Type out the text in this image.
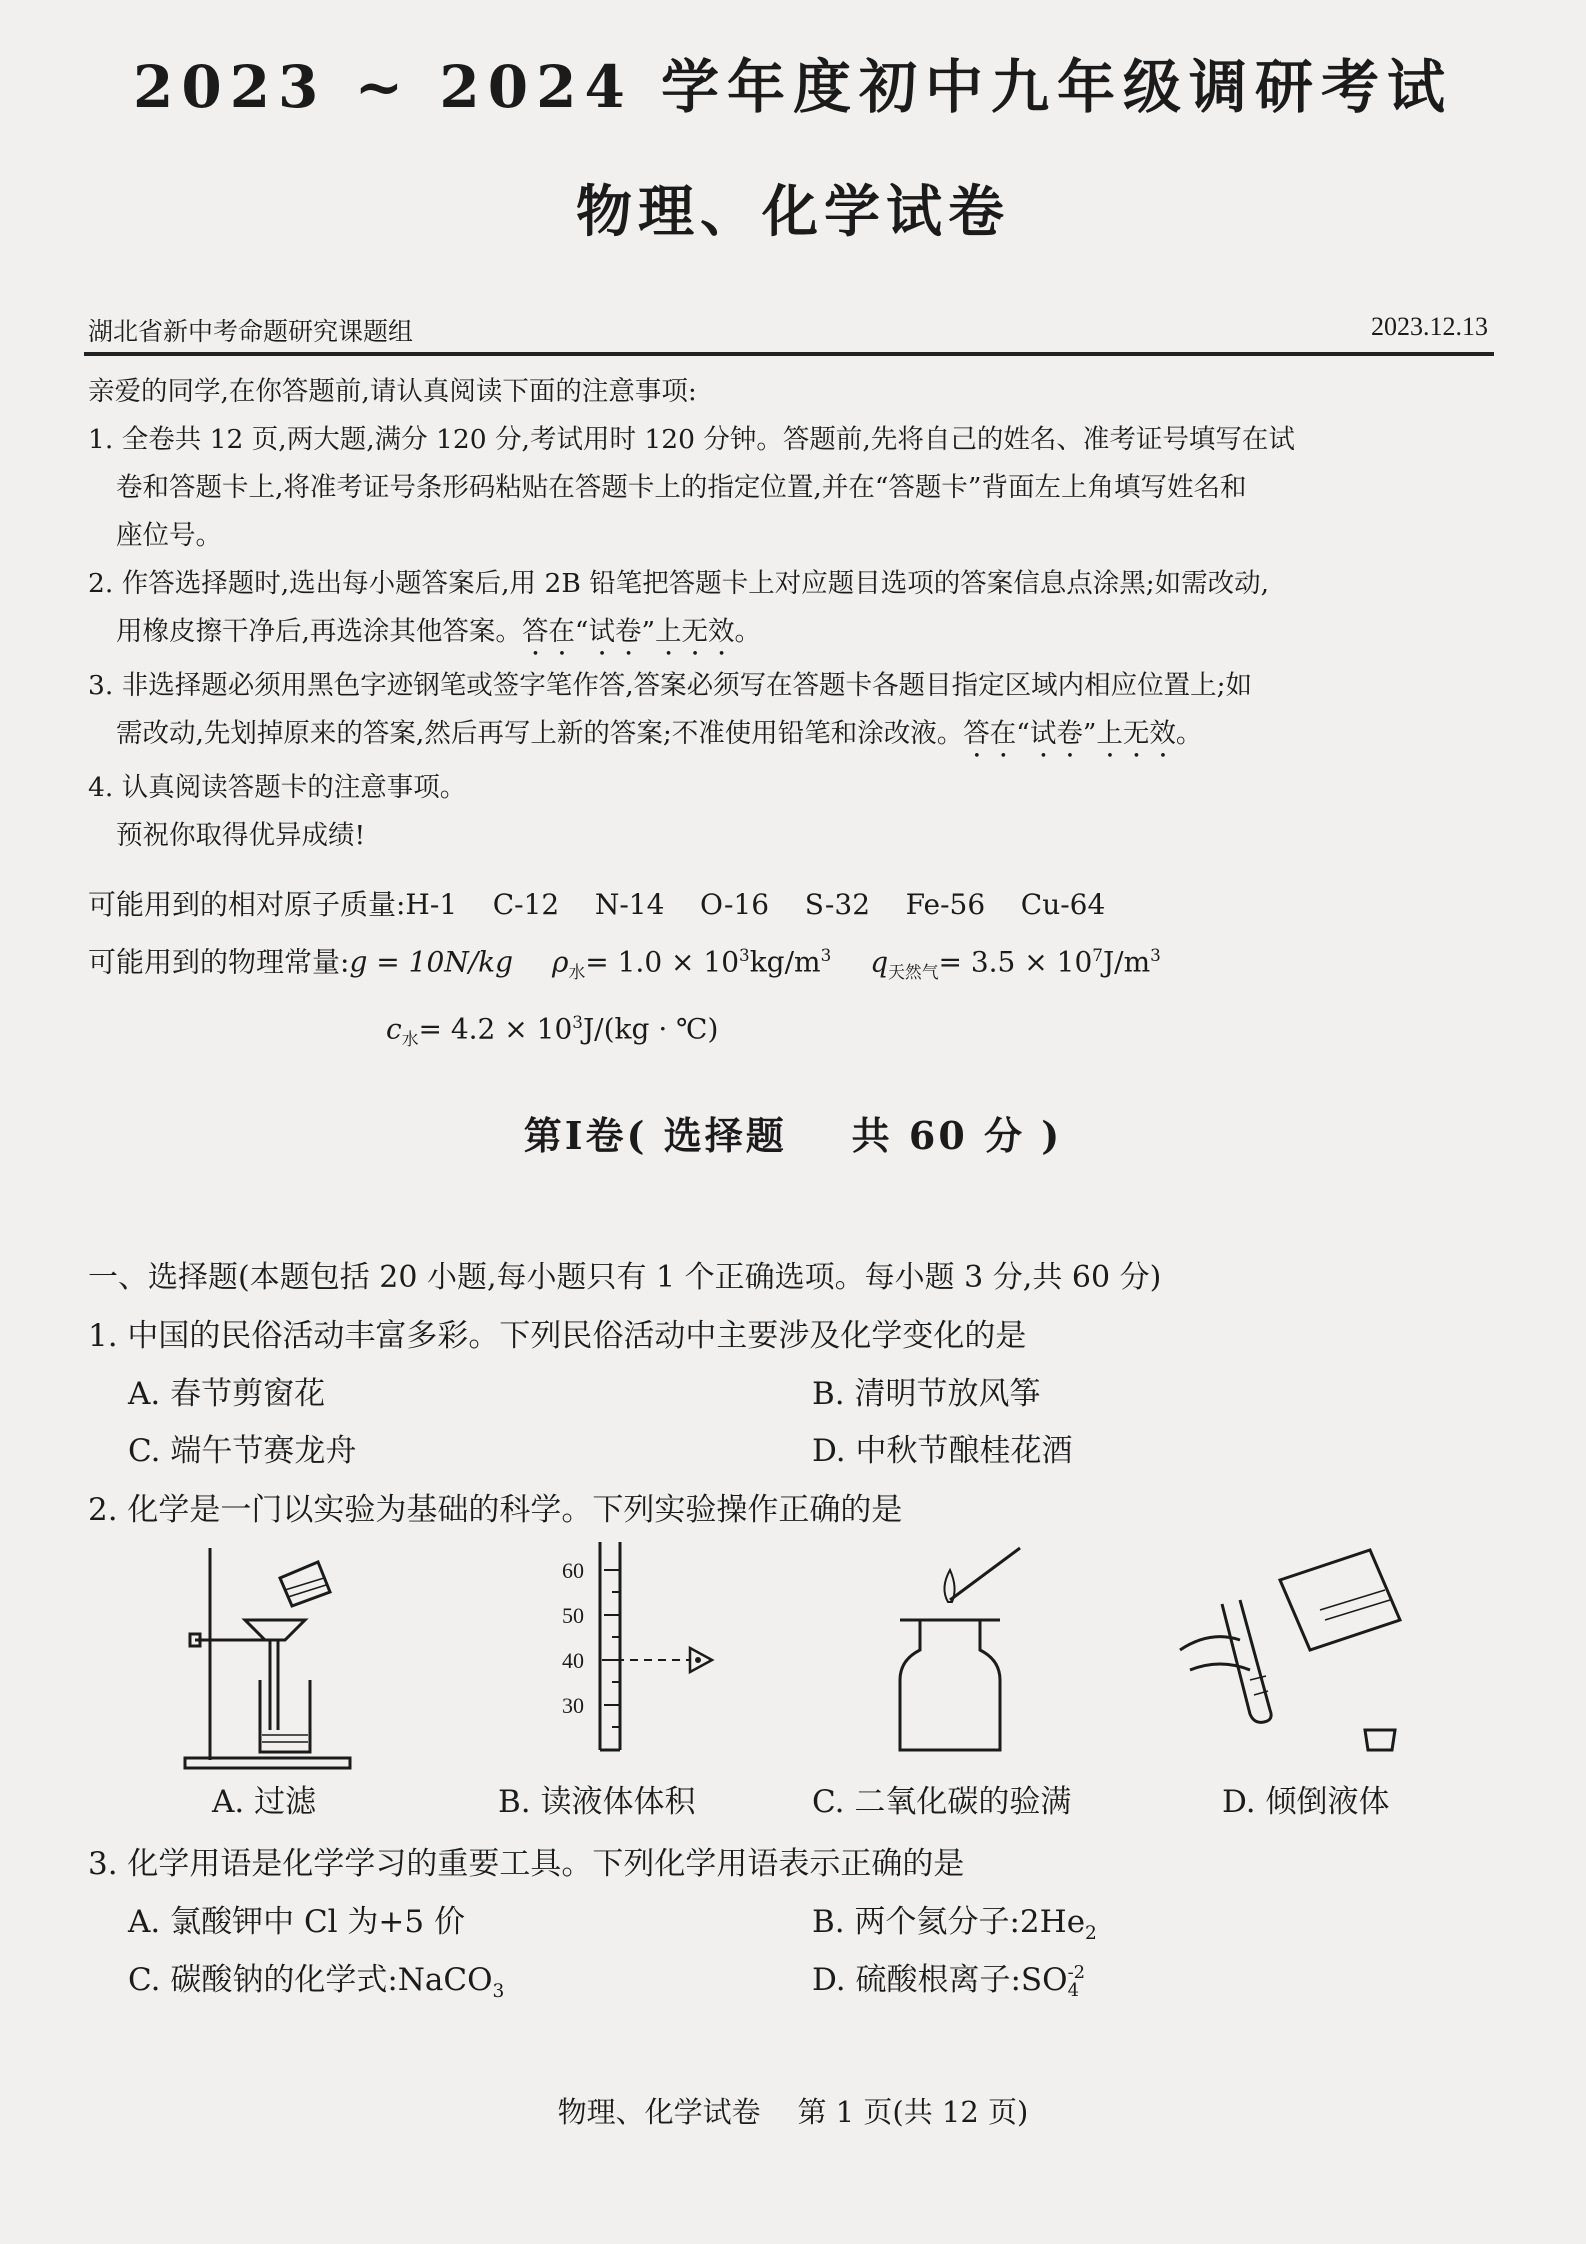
2023 ~ 2024 学年度初中九年级调研考试
物理、化学试卷
湖北省新中考命题研究课题组	2023.12.13
亲爱的同学,在你答题前,请认真阅读下面的注意事项:
1. 全卷共 12 页,两大题,满分 120 分,考试用时 120 分钟。答题前,先将自己的姓名、准考证号填写在试
卷和答题卡上,将准考证号条形码粘贴在答题卡上的指定位置,并在“答题卡”背面左上角填写姓名和
座位号。
2. 作答选择题时,选出每小题答案后,用 2B 铅笔把答题卡上对应题目选项的答案信息点涂黑;如需改动,
用橡皮擦干净后,再选涂其他答案。答在“试卷”上无效。
3. 非选择题必须用黑色字迹钢笔或签字笔作答,答案必须写在答题卡各题目指定区域内相应位置上;如
需改动,先划掉原来的答案,然后再写上新的答案;不准使用铅笔和涂改液。答在“试卷”上无效。
4. 认真阅读答题卡的注意事项。
预祝你取得优异成绩!
可能用到的相对原子质量:H-1    C-12    N-14    O-16    S-32    Fe-56    Cu-64
可能用到的物理常量:g = 10N/kg $\rho_水= 1.0 \times 10^3kg/m^3$ $q_{天然气}= 3.5 \times 10^7J/m^3$
$c_水= 4.2 \times 10^3J/(kg$ · ℃)
第Ⅰ卷( 选择题    共 60 分 )
一、选择题(本题包括 20 小题,每小题只有 1 个正确选项。每小题 3 分,共 60 分)
1. 中国的民俗活动丰富多彩。下列民俗活动中主要涉及化学变化的是
A. 春节剪窗花	B. 清明节放风筝
C. 端午节赛龙舟	D. 中秋节酿桂花酒
2. 化学是一门以实验为基础的科学。下列实验操作正确的是
A. 过滤
60
50
40
30
B. 读液体体积	C. 二氧化碳的验满	D. 倾倒液体
3. 化学用语是化学学习的重要工具。下列化学用语表示正确的是
A. 氯酸钾中 Cl 为+5 价	B. 两个氦分子$:2He_2$
C. 碳酸钠的化学式:NaCO$_3$	D. 硫酸根离子:SO -2
4
物理、化学试卷    第 1 页(共 12 页)
